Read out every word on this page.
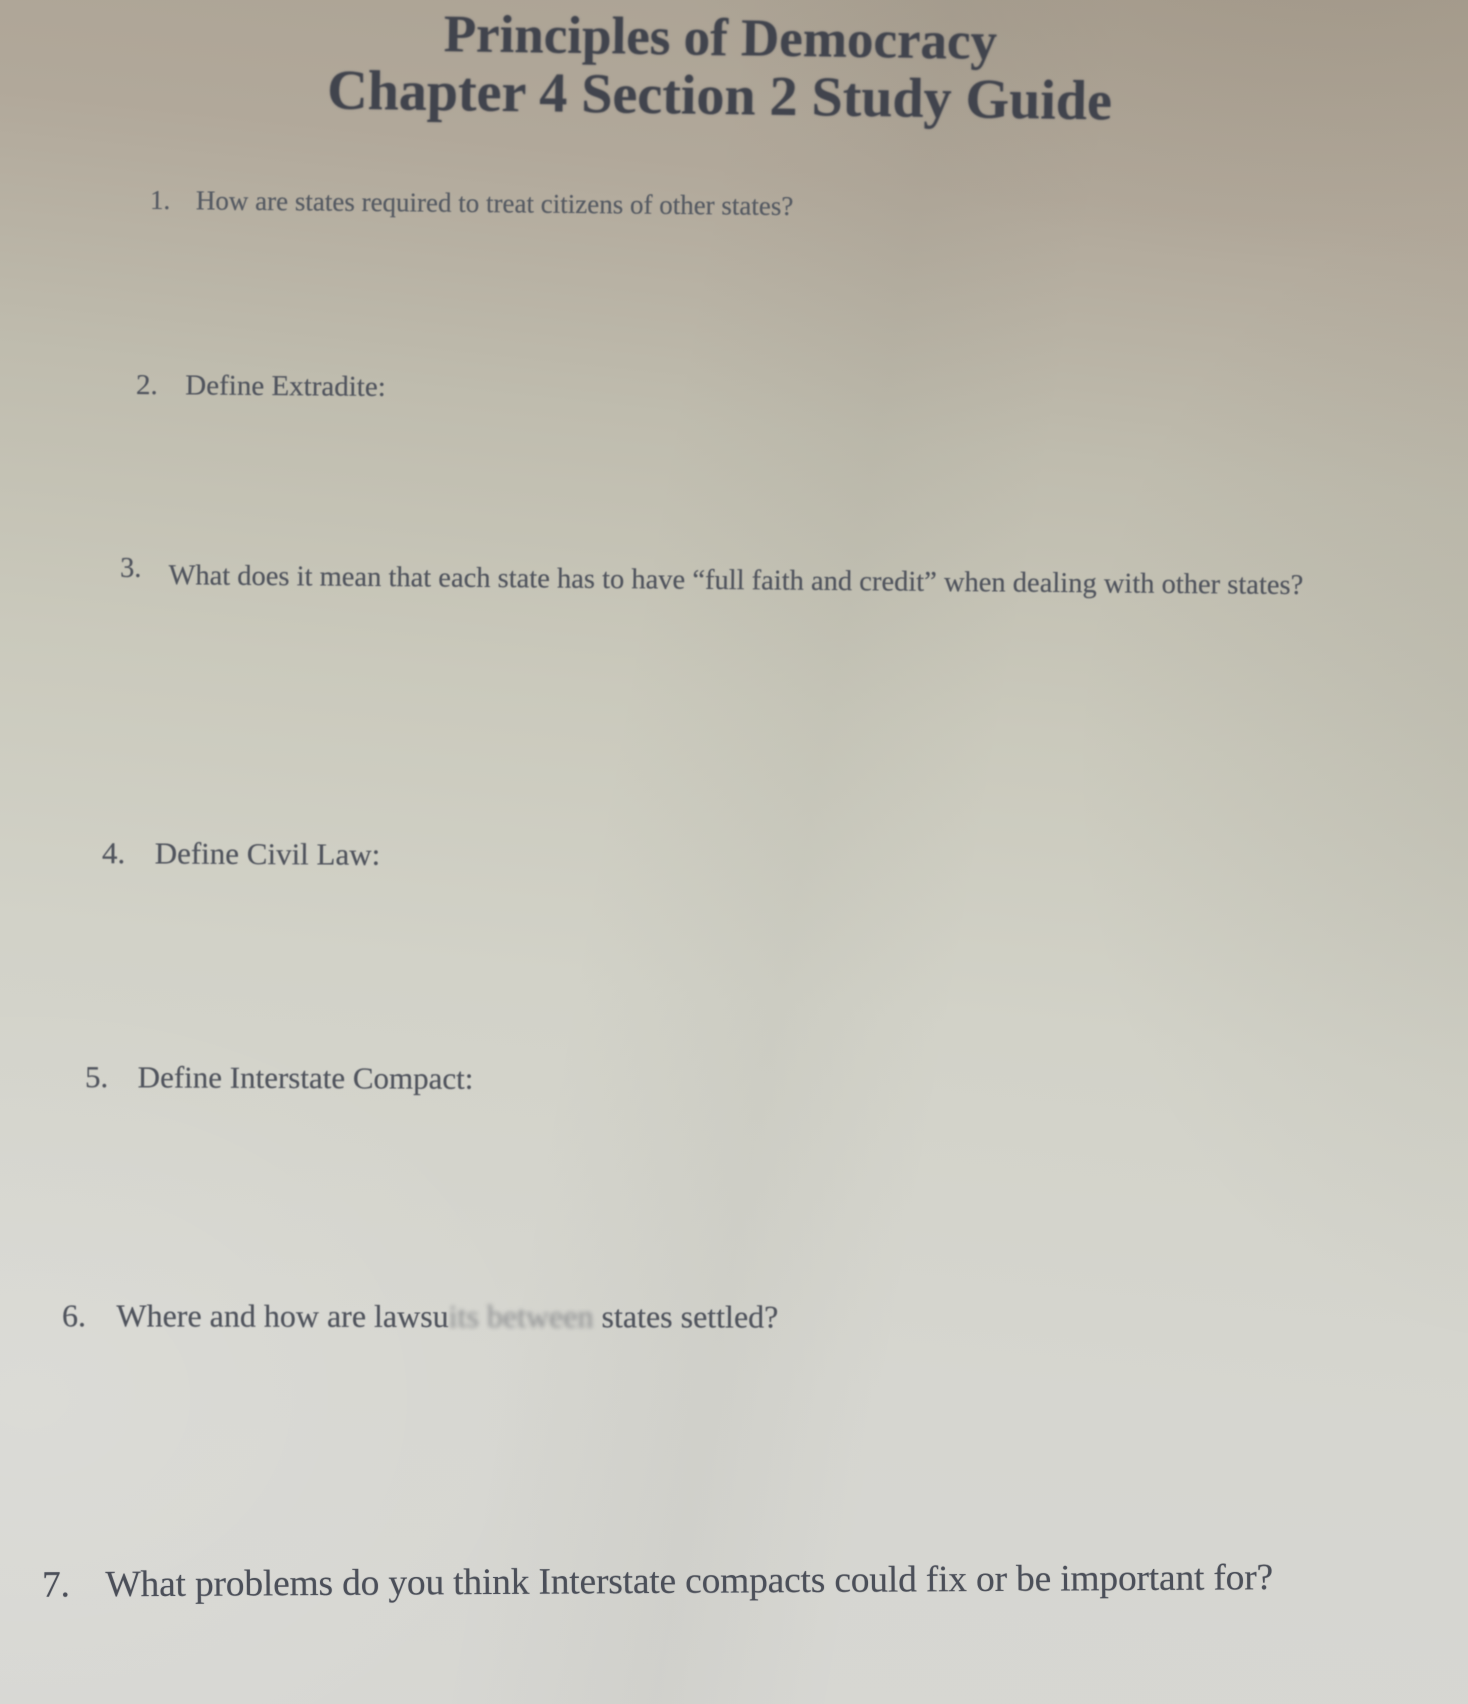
Principles of Democracy
Chapter 4 Section 2 Study Guide
1. How are states required to treat citizens of other states?
2. Define Extradite:
3. What does it mean that each state has to have “full faith and credit” when dealing with other states?
4. Define Civil Law:
5. Define Interstate Compact:
6. Where and how are lawsuits between states settled?
7. What problems do you think Interstate compacts could fix or be important for?
